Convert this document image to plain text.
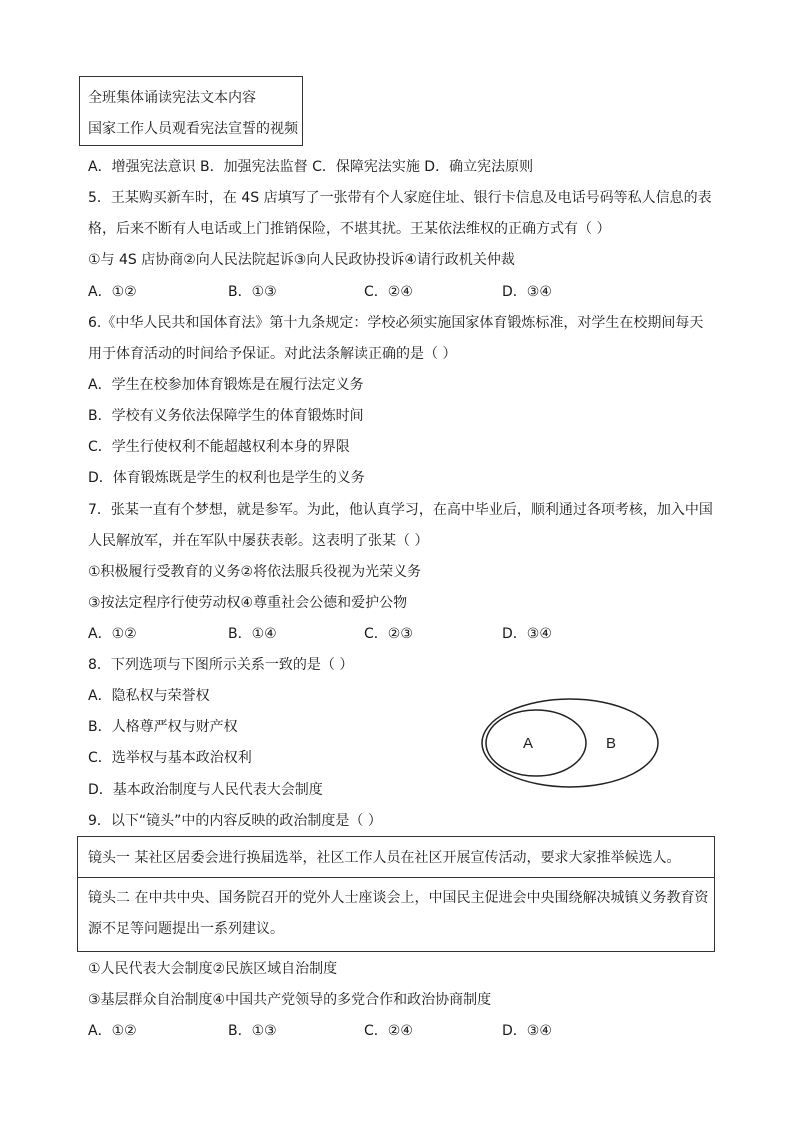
全班集体诵读宪法文本内容
国家工作人员观看宪法宣誓的视频
A．增强宪法意识 B．加强宪法监督 C．保障宪法实施 D．确立宪法原则
5．王某购买新车时，在 4S 店填写了一张带有个人家庭住址、银行卡信息及电话号码等私人信息的表
格，后来不断有人电话或上门推销保险，不堪其扰。王某依法维权的正确方式有（ ）
①与 4S 店协商②向人民法院起诉③向人民政协投诉④请行政机关仲裁
A．①②	B．①③	C．②④	D．③④
6.《中华人民共和国体育法》第十九条规定：学校必须实施国家体育锻炼标准，对学生在校期间每天
用于体育活动的时间给予保证。对此法条解读正确的是（ ）
A．学生在校参加体育锻炼是在履行法定义务
B．学校有义务依法保障学生的体育锻炼时间
C．学生行使权利不能超越权利本身的界限
D．体育锻炼既是学生的权利也是学生的义务
7．张某一直有个梦想，就是参军。为此，他认真学习，在高中毕业后，顺利通过各项考核，加入中国
人民解放军，并在军队中屡获表彰。这表明了张某（ ）
①积极履行受教育的义务②将依法服兵役视为光荣义务
③按法定程序行使劳动权④尊重社会公德和爱护公物
A．①②	B．①④	C．②③	D．③④
8．下列选项与下图所示关系一致的是（ ）
A．隐私权与荣誉权
B．人格尊严权与财产权
C．选举权与基本政治权利
D．基本政治制度与人民代表大会制度
A	B
9．以下“镜头”中的内容反映的政治制度是（ ）
镜头一 某社区居委会进行换届选举，社区工作人员在社区开展宣传活动，要求大家推举候选人。
镜头二 在中共中央、国务院召开的党外人士座谈会上，中国民主促进会中央围绕解决城镇义务教育资
源不足等问题提出一系列建议。
①人民代表大会制度②民族区域自治制度
③基层群众自治制度④中国共产党领导的多党合作和政治协商制度
A．①②	B．①③	C．②④	D．③④
